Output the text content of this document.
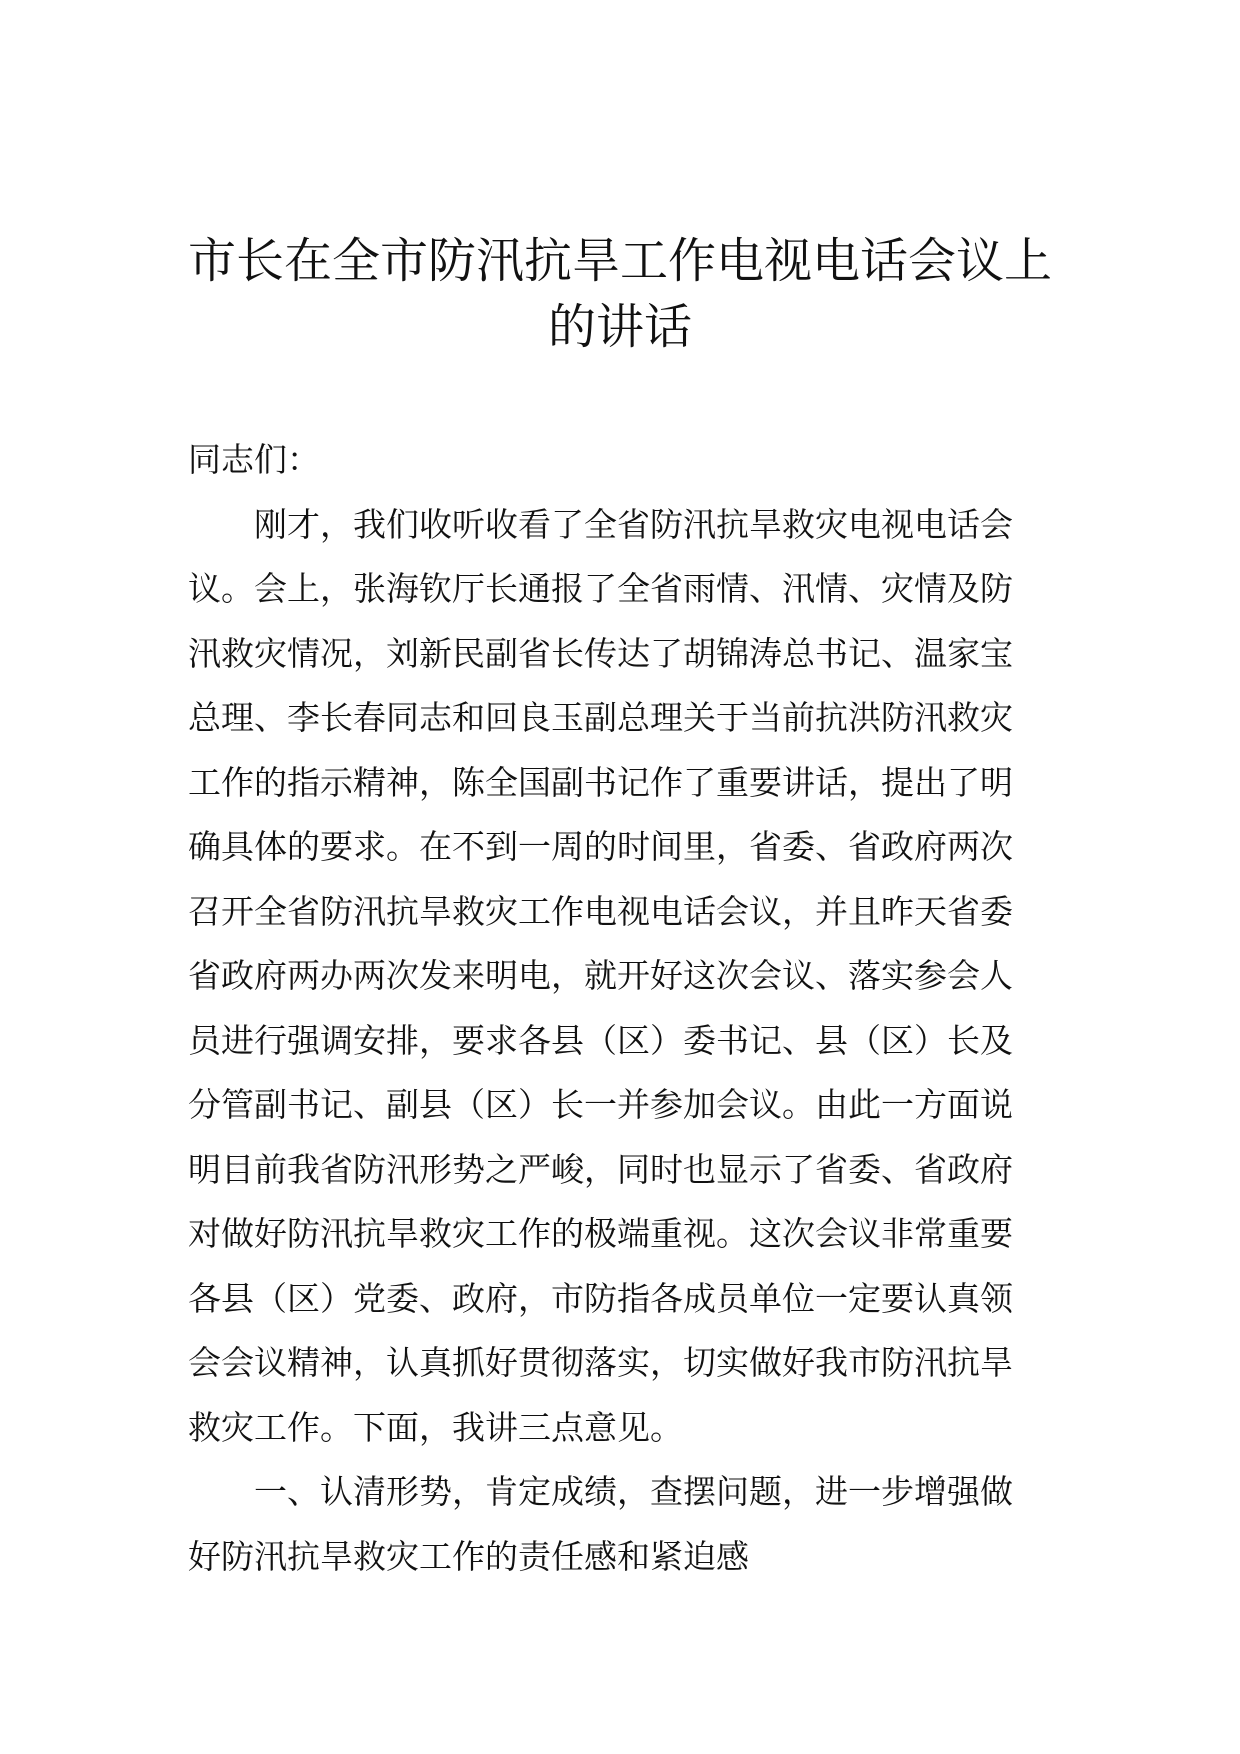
市长在全市防汛抗旱工作电视电话会议上
的讲话

同志们：

　　刚才，我们收听收看了全省防汛抗旱救灾电视电话会
议。会上，张海钦厅长通报了全省雨情、汛情、灾情及防
汛救灾情况，刘新民副省长传达了胡锦涛总书记、温家宝
总理、李长春同志和回良玉副总理关于当前抗洪防汛救灾
工作的指示精神，陈全国副书记作了重要讲话，提出了明
确具体的要求。在不到一周的时间里，省委、省政府两次
召开全省防汛抗旱救灾工作电视电话会议，并且昨天省委
省政府两办两次发来明电，就开好这次会议、落实参会人
员进行强调安排，要求各县（区）委书记、县（区）长及
分管副书记、副县（区）长一并参加会议。由此一方面说
明目前我省防汛形势之严峻，同时也显示了省委、省政府
对做好防汛抗旱救灾工作的极端重视。这次会议非常重要
各县（区）党委、政府，市防指各成员单位一定要认真领
会会议精神，认真抓好贯彻落实，切实做好我市防汛抗旱
救灾工作。下面，我讲三点意见。

　　一、认清形势，肯定成绩，查摆问题，进一步增强做
好防汛抗旱救灾工作的责任感和紧迫感
